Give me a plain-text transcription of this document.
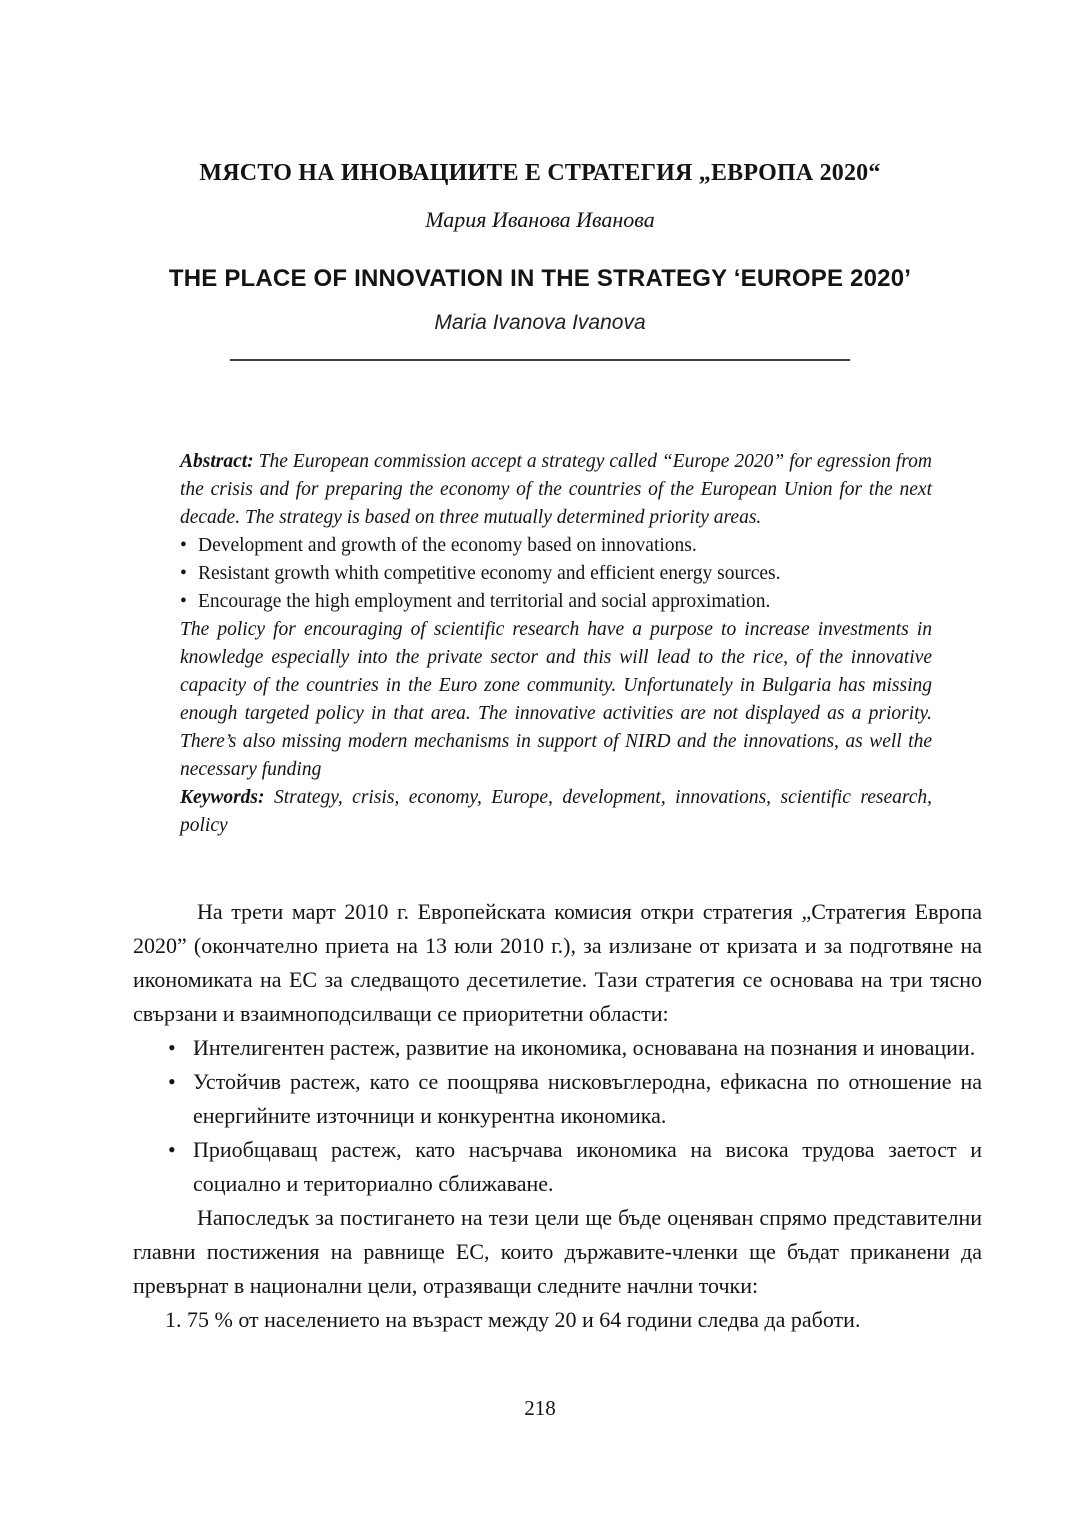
МЯСТО НА ИНОВАЦИИТЕ Е СТРАТЕГИЯ „ЕВРОПА 2020“
Мария Иванова Иванова
THE PLACE OF INNOVATION IN THE STRATEGY ‘EUROPE 2020’
Maria Ivanova Ivanova

Abstract: The European commission accept a strategy called “Europe 2020” for egression from the crisis and for preparing the economy of the countries of the European Union for the next decade. The strategy is based on three mutually determined priority areas.

• Development and growth of the economy based on innovations.
• Resistant growth whith competitive economy and efficient energy sources.
• Encourage the high employment and territorial and social approximation.

The policy for encouraging of scientific research have a purpose to increase investments in knowledge especially into the private sector and this will lead to the rice, of the innovative capacity of the countries in the Euro zone community. Unfortunately in Bulgaria has missing enough targeted policy in that area. The innovative activities are not displayed as a priority. There’s also missing modern mechanisms in support of NIRD and the innovations, as well the necessary funding

Keywords: Strategy, crisis, economy, Europe, development, innovations, scientific research, policy

На трети март 2010 г. Европейската комисия откри стратегия „Стратегия Европа 2020” (окончателно приета на 13 юли 2010 г.), за излизане от кризата и за подготвяне на икономиката на ЕС за следващото десетилетие. Тази стратегия се основава на три тясно свързани и взаимноподсилващи се приоритетни области:

• Интелигентен растеж, развитие на икономика, основавана на познания и иновации.
• Устойчив растеж, като се поощрява нисковъглеродна, ефикасна по отношение на енергийните източници и конкурентна икономика.
• Приобщаващ растеж, като насърчава икономика на висока трудова заетост и социално и териториално сближаване.

Напоследък за постигането на тези цели ще бъде оценяван спрямо представителни главни постижения на равнище ЕС, които държавите-членки ще бъдат приканени да превърнат в национални цели, отразяващи следните начлни точки:

1. 75 % от населението на възраст между 20 и 64 години следва да работи.

218
